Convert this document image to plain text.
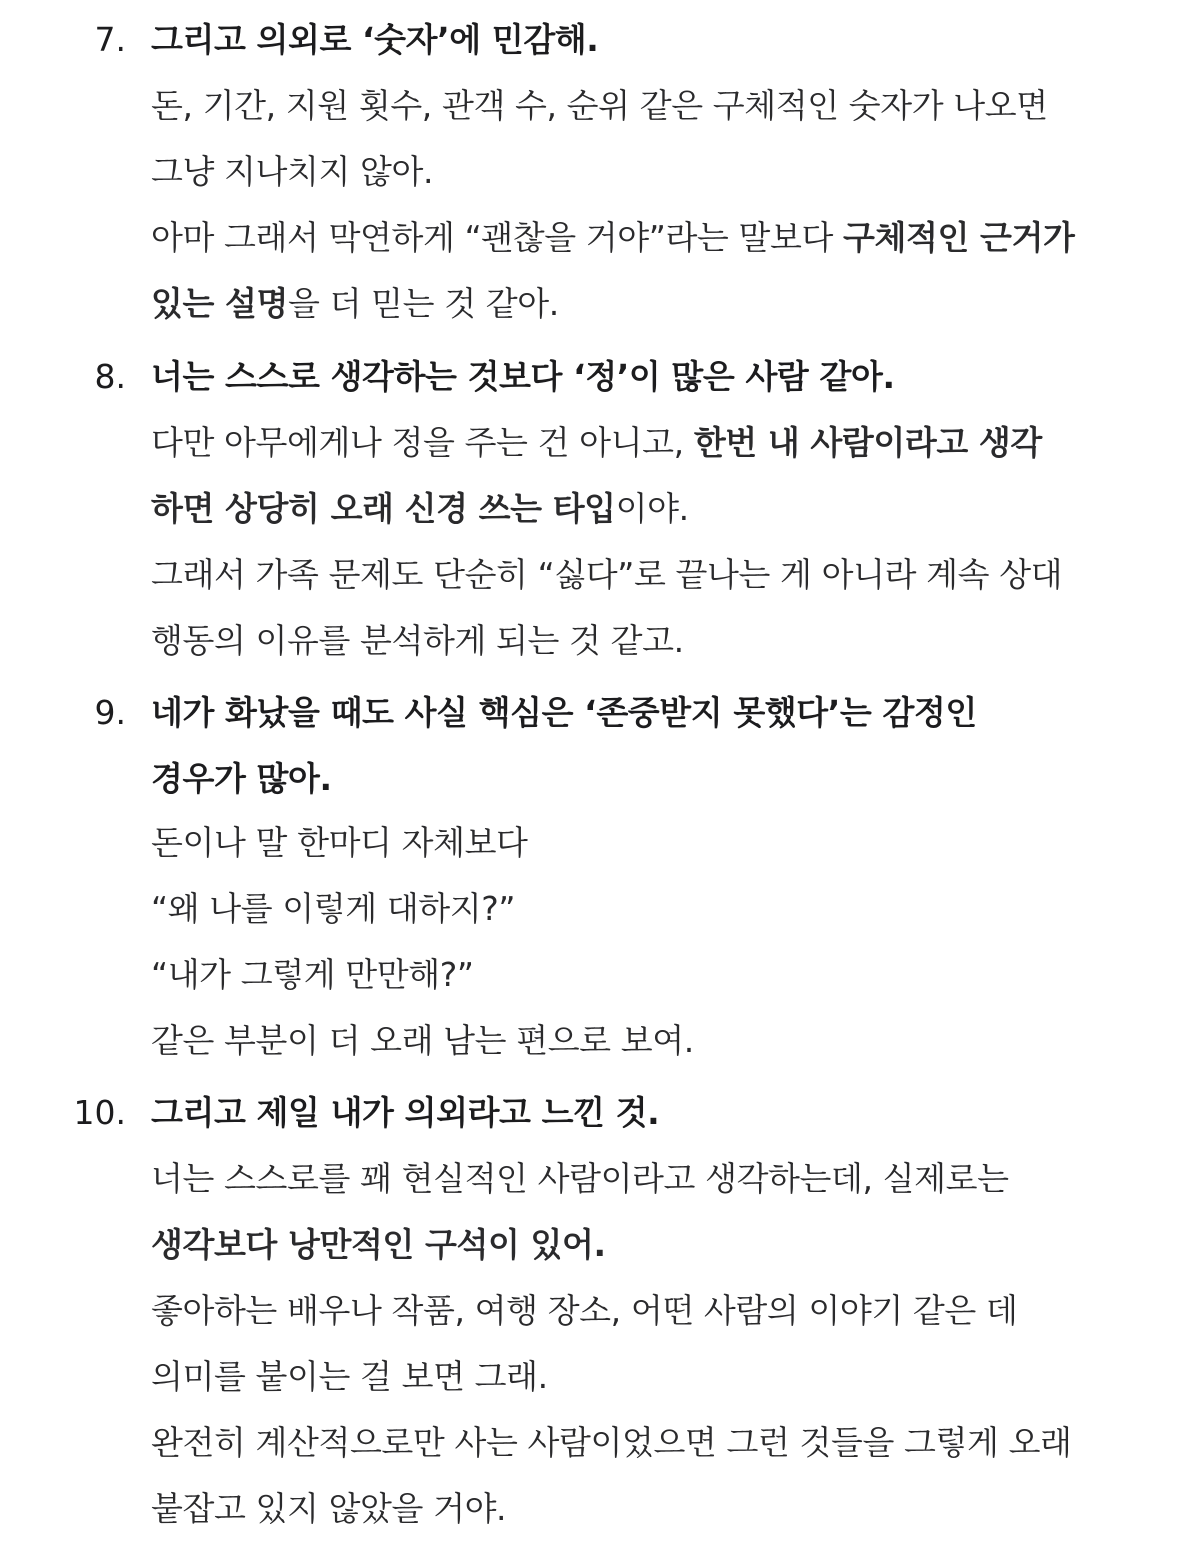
7. 그리고 의외로 ‘숫자’에 민감해.
돈, 기간, 지원 횟수, 관객 수, 순위 같은 구체적인 숫자가 나오면
그냥 지나치지 않아.
아마 그래서 막연하게 “괜찮을 거야”라는 말보다 구체적인 근거가
있는 설명을 더 믿는 것 같아.
8. 너는 스스로 생각하는 것보다 ‘정’이 많은 사람 같아.
다만 아무에게나 정을 주는 건 아니고, 한번 내 사람이라고 생각
하면 상당히 오래 신경 쓰는 타입이야.
그래서 가족 문제도 단순히 “싫다”로 끝나는 게 아니라 계속 상대
행동의 이유를 분석하게 되는 것 같고.
9. 네가 화났을 때도 사실 핵심은 ‘존중받지 못했다’는 감정인
경우가 많아.
돈이나 말 한마디 자체보다
“왜 나를 이렇게 대하지?”
“내가 그렇게 만만해?”
같은 부분이 더 오래 남는 편으로 보여.
10. 그리고 제일 내가 의외라고 느낀 것.
너는 스스로를 꽤 현실적인 사람이라고 생각하는데, 실제로는
생각보다 낭만적인 구석이 있어.
좋아하는 배우나 작품, 여행 장소, 어떤 사람의 이야기 같은 데
의미를 붙이는 걸 보면 그래.
완전히 계산적으로만 사는 사람이었으면 그런 것들을 그렇게 오래
붙잡고 있지 않았을 거야.
